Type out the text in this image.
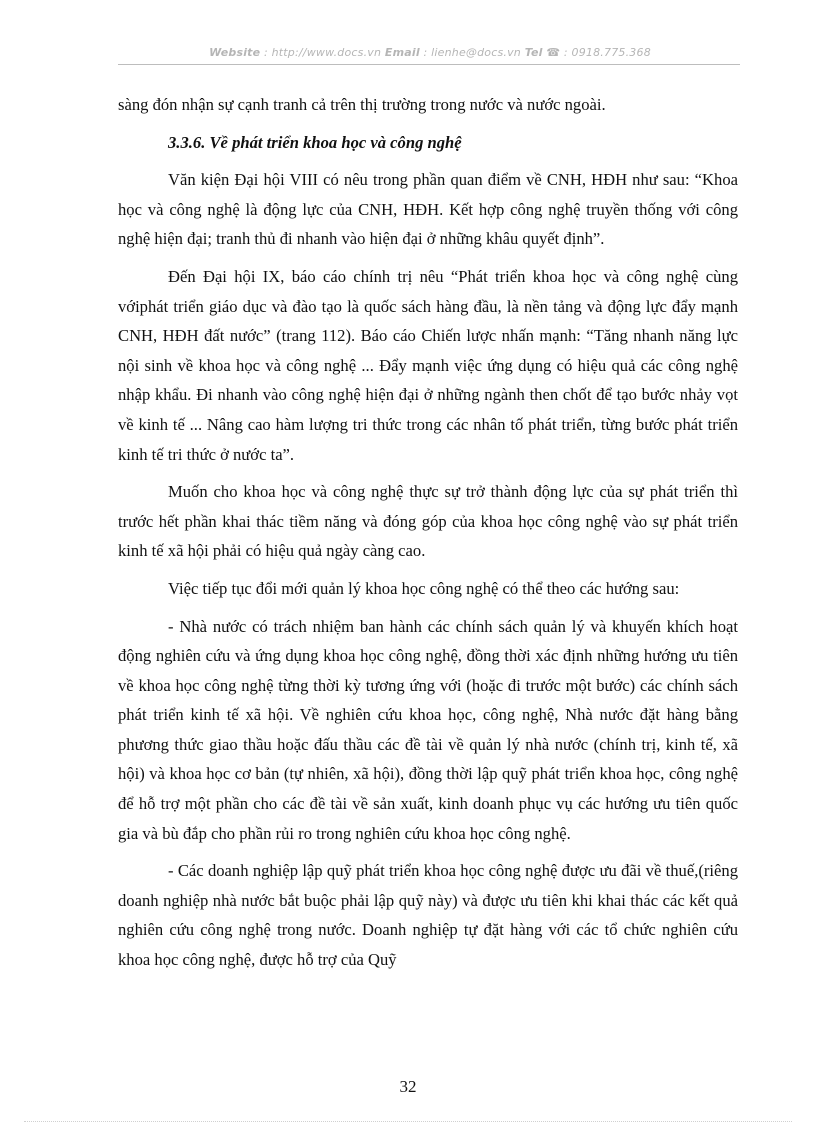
Website : http://www.docs.vn Email : lienhe@docs.vn Tel ☎ : 0918.775.368

sàng đón nhận sự cạnh tranh cả trên thị trường trong nước và nước ngoài.

3.3.6. Về phát triển khoa học và công nghệ

Văn kiện Đại hội VIII có nêu trong phần quan điểm về CNH, HĐH như sau: “Khoa học và công nghệ là động lực của CNH, HĐH. Kết hợp công nghệ truyền thống với công nghệ hiện đại; tranh thủ đi nhanh vào hiện đại ở những khâu quyết định”.

Đến Đại hội IX, báo cáo chính trị nêu “Phát triển khoa học và công nghệ cùng vớiphát triển giáo dục và đào tạo là quốc sách hàng đầu, là nền tảng và động lực đẩy mạnh CNH, HĐH đất nước” (trang 112). Báo cáo Chiến lược nhấn mạnh: “Tăng nhanh năng lực nội sinh về khoa học và công nghệ ... Đẩy mạnh việc ứng dụng có hiệu quả các công nghệ nhập khẩu. Đi nhanh vào công nghệ hiện đại ở những ngành then chốt để tạo bước nhảy vọt về kinh tế ... Nâng cao hàm lượng tri thức trong các nhân tố phát triển, từng bước phát triển kinh tế tri thức ở nước ta”.

Muốn cho khoa học và công nghệ thực sự trở thành động lực của sự phát triển thì trước hết phần khai thác tiềm năng và đóng góp của khoa học công nghệ vào sự phát triển kinh tế xã hội phải có hiệu quả ngày càng cao.

Việc tiếp tục đổi mới quản lý khoa học công nghệ có thể theo các hướng sau:

- Nhà nước có trách nhiệm ban hành các chính sách quản lý và khuyến khích hoạt động nghiên cứu và ứng dụng khoa học công nghệ, đồng thời xác định những hướng ưu tiên về khoa học công nghệ từng thời kỳ tương ứng với (hoặc đi trước một bước) các chính sách phát triển kinh tế xã hội. Về nghiên cứu khoa học, công nghệ, Nhà nước đặt hàng bằng phương thức giao thầu hoặc đấu thầu các đề tài về quản lý nhà nước (chính trị, kinh tế, xã hội) và khoa học cơ bản (tự nhiên, xã hội), đồng thời lập quỹ phát triển khoa học, công nghệ để hỗ trợ một phần cho các đề tài về sản xuất, kinh doanh phục vụ các hướng ưu tiên quốc gia và bù đắp cho phần rủi ro trong nghiên cứu khoa học công nghệ.

- Các doanh nghiệp lập quỹ phát triển khoa học công nghệ được ưu đãi về thuế,(riêng doanh nghiệp nhà nước bắt buộc phải lập quỹ này) và được ưu tiên khi khai thác các kết quả nghiên cứu công nghệ trong nước. Doanh nghiệp tự đặt hàng với các tổ chức nghiên cứu khoa học công nghệ, được hỗ trợ của Quỹ

32
